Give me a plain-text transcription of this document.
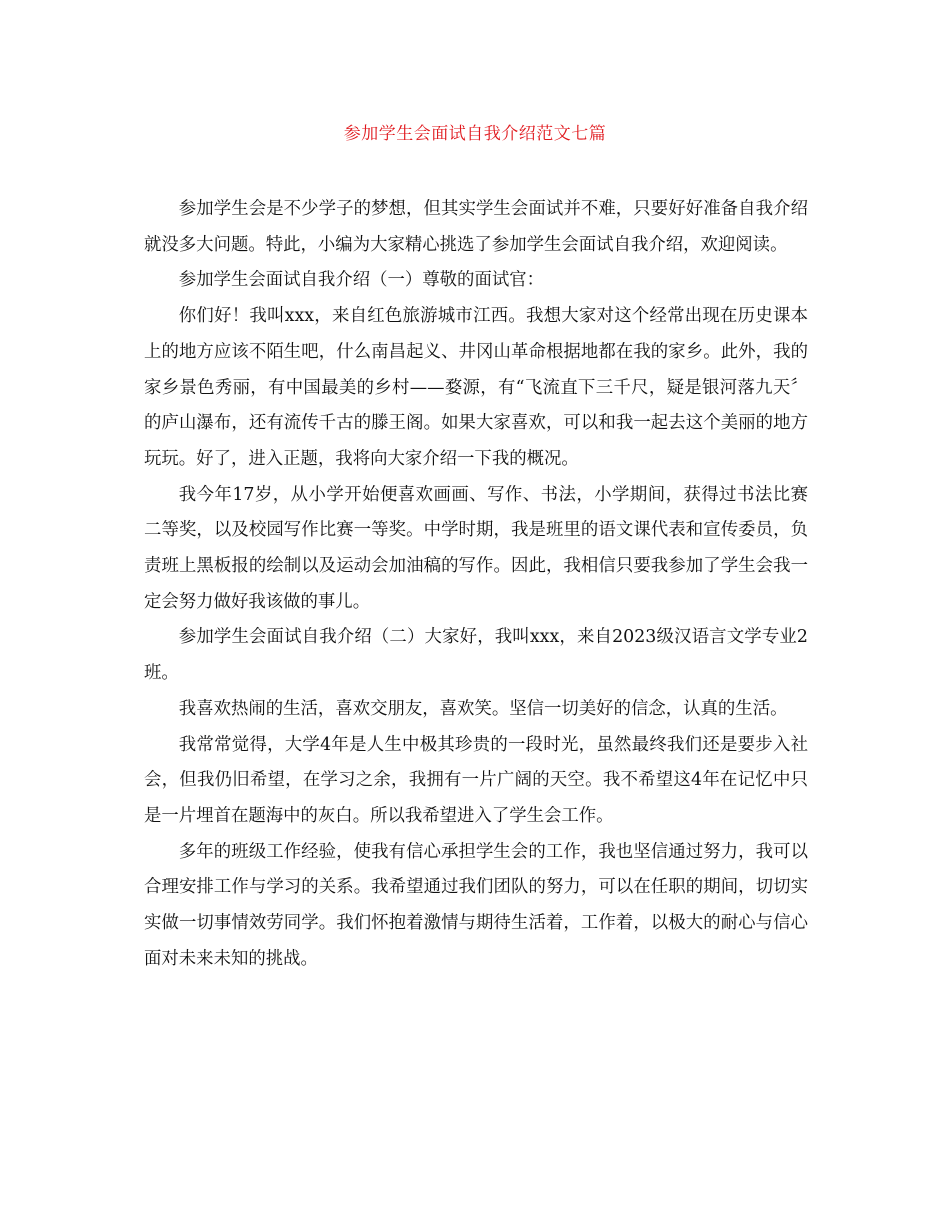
参加学生会面试自我介绍范文七篇

参加学生会是不少学子的梦想，但其实学生会面试并不难，只要好好准备自我介绍就没多大问题。特此，小编为大家精心挑选了参加学生会面试自我介绍，欢迎阅读。

参加学生会面试自我介绍（一）尊敬的面试官：

你们好！我叫xxx，来自红色旅游城市江西。我想大家对这个经常出现在历史课本上的地方应该不陌生吧，什么南昌起义、井冈山革命根据地都在我的家乡。此外，我的家乡景色秀丽，有中国最美的乡村——婺源，有“飞流直下三千尺，疑是银河落九天〞的庐山瀑布，还有流传千古的滕王阁。如果大家喜欢，可以和我一起去这个美丽的地方玩玩。好了，进入正题，我将向大家介绍一下我的概况。

我今年17岁，从小学开始便喜欢画画、写作、书法，小学期间，获得过书法比赛二等奖，以及校园写作比赛一等奖。中学时期，我是班里的语文课代表和宣传委员，负责班上黑板报的绘制以及运动会加油稿的写作。因此，我相信只要我参加了学生会我一定会努力做好我该做的事儿。

参加学生会面试自我介绍（二）大家好，我叫xxx，来自2023级汉语言文学专业2班。

我喜欢热闹的生活，喜欢交朋友，喜欢笑。坚信一切美好的信念，认真的生活。

我常常觉得，大学4年是人生中极其珍贵的一段时光，虽然最终我们还是要步入社会，但我仍旧希望，在学习之余，我拥有一片广阔的天空。我不希望这4年在记忆中只是一片埋首在题海中的灰白。所以我希望进入了学生会工作。

多年的班级工作经验，使我有信心承担学生会的工作，我也坚信通过努力，我可以合理安排工作与学习的关系。我希望通过我们团队的努力，可以在任职的期间，切切实实做一切事情效劳同学。我们怀抱着激情与期待生活着，工作着，以极大的耐心与信心面对未来未知的挑战。
